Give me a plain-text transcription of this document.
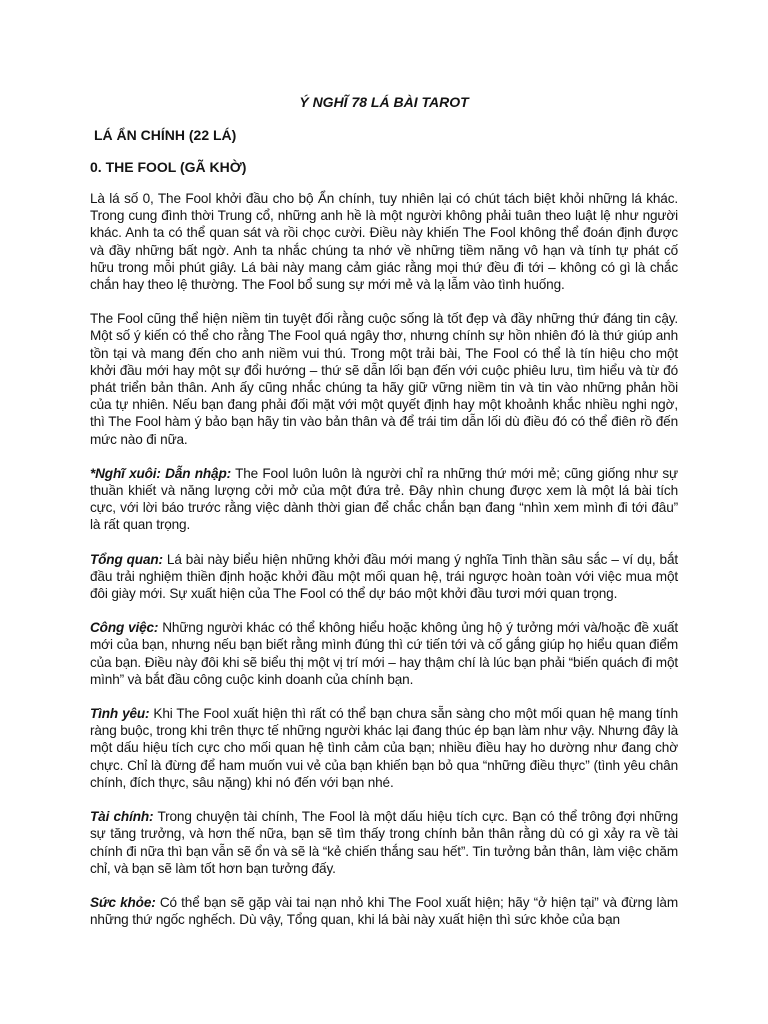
Ý NGHĨ 78 LÁ BÀI TAROT
LÁ ẨN CHÍNH (22 LÁ)
0. THE FOOL (GÃ KHỜ)

Là lá số 0, The Fool khởi đầu cho bộ Ẩn chính, tuy nhiên lại có chút tách biệt khỏi những lá khác. Trong cung đình thời Trung cổ, những anh hề là một người không phải tuân theo luật lệ như người khác. Anh ta có thể quan sát và rồi chọc cười. Điều này khiến The Fool không thể đoán định được và đầy những bất ngờ. Anh ta nhắc chúng ta nhớ về những tiềm năng vô hạn và tính tự phát cố hữu trong mỗi phút giây. Lá bài này mang cảm giác rằng mọi thứ đều đi tới – không có gì là chắc chắn hay theo lệ thường. The Fool bổ sung sự mới mẻ và lạ lẫm vào tình huống.

The Fool cũng thể hiện niềm tin tuyệt đối rằng cuộc sống là tốt đẹp và đầy những thứ đáng tin cậy. Một số ý kiến có thể cho rằng The Fool quá ngây thơ, nhưng chính sự hồn nhiên đó là thứ giúp anh tồn tại và mang đến cho anh niềm vui thú. Trong một trải bài, The Fool có thể là tín hiệu cho một khởi đầu mới hay một sự đổi hướng – thứ sẽ dẫn lối bạn đến với cuộc phiêu lưu, tìm hiểu và từ đó phát triển bản thân. Anh ấy cũng nhắc chúng ta hãy giữ vững niềm tin và tin vào những phản hồi của tự nhiên. Nếu bạn đang phải đối mặt với một quyết định hay một khoảnh khắc nhiều nghi ngờ, thì The Fool hàm ý bảo bạn hãy tin vào bản thân và để trái tim dẫn lối dù điều đó có thể điên rồ đến mức nào đi nữa.

*Nghĩ xuôi: Dẫn nhập: The Fool luôn luôn là người chỉ ra những thứ mới mẻ; cũng giống như sự thuần khiết và năng lượng cởi mở của một đứa trẻ. Đây nhìn chung được xem là một lá bài tích cực, với lời báo trước rằng việc dành thời gian để chắc chắn bạn đang “nhìn xem mình đi tới đâu” là rất quan trọng.

Tổng quan: Lá bài này biểu hiện những khởi đầu mới mang ý nghĩa Tinh thần sâu sắc – ví dụ, bắt đầu trải nghiệm thiền định hoặc khởi đầu một mối quan hệ, trái ngược hoàn toàn với việc mua một đôi giày mới. Sự xuất hiện của The Fool có thể dự báo một khởi đầu tươi mới quan trọng.

Công việc: Những người khác có thể không hiểu hoặc không ủng hộ ý tưởng mới và/hoặc đề xuất mới của bạn, nhưng nếu bạn biết rằng mình đúng thì cứ tiến tới và cố gắng giúp họ hiểu quan điểm của bạn. Điều này đôi khi sẽ biểu thị một vị trí mới – hay thậm chí là lúc bạn phải “biến quách đi một mình” và bắt đầu công cuộc kinh doanh của chính bạn.

Tình yêu: Khi The Fool xuất hiện thì rất có thể bạn chưa sẵn sàng cho một mối quan hệ mang tính ràng buộc, trong khi trên thực tế những người khác lại đang thúc ép bạn làm như vậy. Nhưng đây là một dấu hiệu tích cực cho mối quan hệ tình cảm của bạn; nhiều điều hay ho dường như đang chờ chực. Chỉ là đừng để ham muốn vui vẻ của bạn khiến bạn bỏ qua “những điều thực” (tình yêu chân chính, đích thực, sâu nặng) khi nó đến với bạn nhé.

Tài chính: Trong chuyện tài chính, The Fool là một dấu hiệu tích cực. Bạn có thể trông đợi những sự tăng trưởng, và hơn thế nữa, bạn sẽ tìm thấy trong chính bản thân rằng dù có gì xảy ra về tài chính đi nữa thì bạn vẫn sẽ ổn và sẽ là “kẻ chiến thắng sau hết”. Tin tưởng bản thân, làm việc chăm chỉ, và bạn sẽ làm tốt hơn bạn tưởng đấy.

Sức khỏe: Có thể bạn sẽ gặp vài tai nạn nhỏ khi The Fool xuất hiện; hãy “ở hiện tại” và đừng làm những thứ ngốc nghếch. Dù vậy, Tổng quan, khi lá bài này xuất hiện thì sức khỏe của bạn
